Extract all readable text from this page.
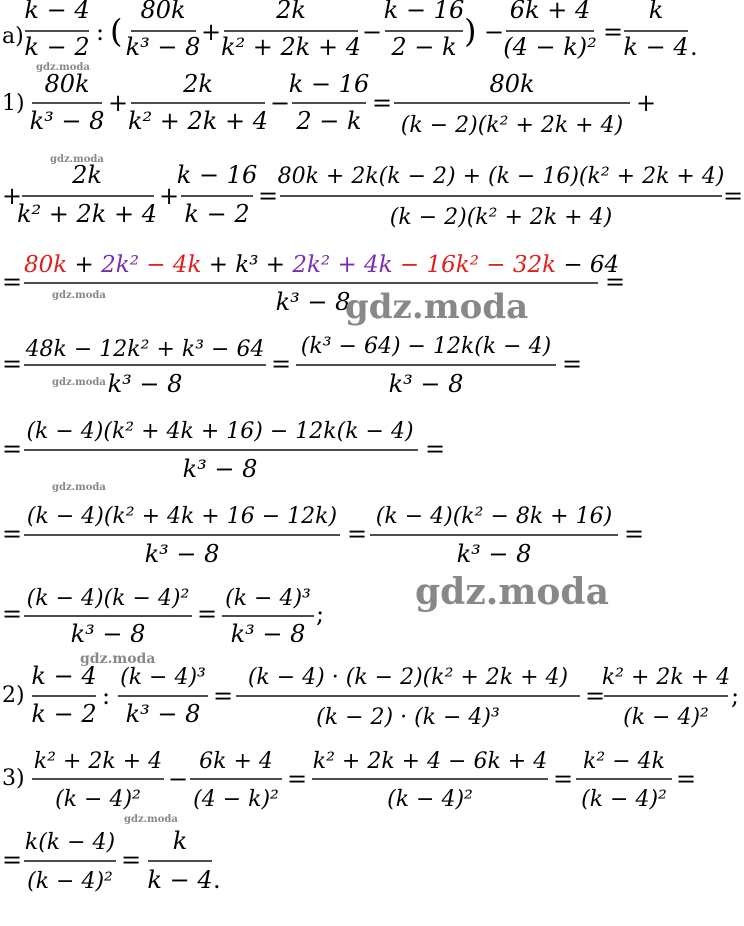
а)
k − 4
k − 2
: (
80k
k³ − 8
+
2k
k² + 2k + 4
−
k − 16
2 − k ) −
6k + 4
(4 − k)²
=
k
k − 4 .
gdz.moda
1)
80k
k³ − 8
+
2k
k² + 2k + 4
−
k − 16
2 − k
=
80k
(k − 2)(k² + 2k + 4)
+
gdz.moda
+
2k
k² + 2k + 4
+
k − 16
k − 2
=
80k + 2k(k − 2) + (k − 16)(k² + 2k + 4)
(k − 2)(k² + 2k + 4)
=
=
80k + 2k² − 4k + k³ + 2k² + 4k − 16k² − 32k − 64
k³ − 8
=
gdz.moda	gdz.moda
=
48k − 12k² + k³ − 64
k³ − 8
=
(k³ − 64) − 12k(k − 4)
k³ − 8
=
gdz.moda
=
(k − 4)(k² + 4k + 16) − 12k(k − 4)
k³ − 8
=
gdz.moda
=
(k − 4)(k² + 4k + 16 − 12k)
k³ − 8
=
(k − 4)(k² − 8k + 16)
k³ − 8
=
=
(k − 4)(k − 4)²
k³ − 8
=
(k − 4)³
k³ − 8
;
gdz.moda
gdz.moda
2)
k − 4
k − 2
:
(k − 4)³
k³ − 8
=
(k − 4) · (k − 2)(k² + 2k + 4)
(k − 2) · (k − 4)³
=
k² + 2k + 4
(k − 4)²
;
3)
k² + 2k + 4
(k − 4)²
−
6k + 4
(4 − k)²
=
k² + 2k + 4 − 6k + 4
(k − 4)²
=
k² − 4k
(k − 4)²
=
gdz.moda
=
k(k − 4)
(k − 4)²
=
k
k − 4 .
